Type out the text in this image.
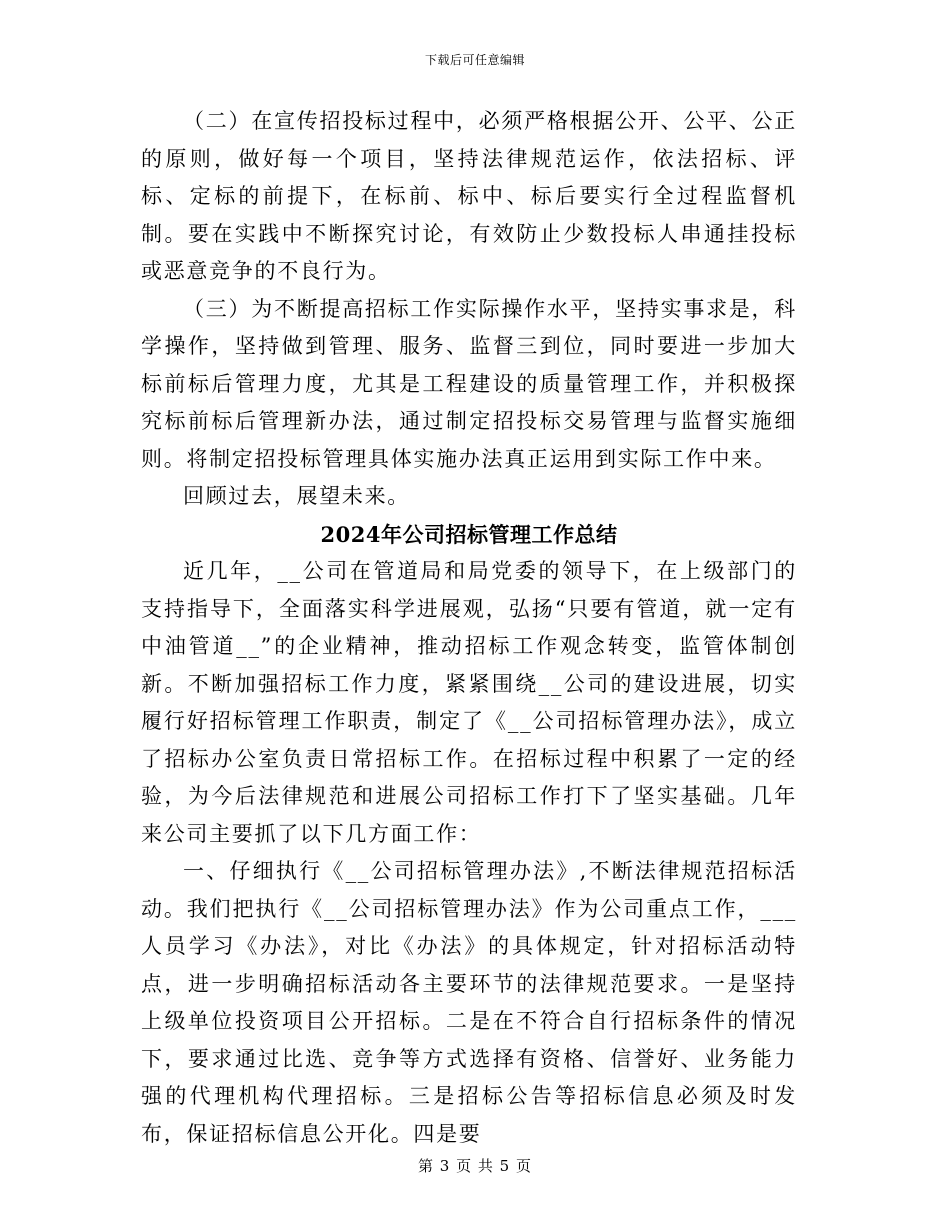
下载后可任意编辑

（二）在宣传招投标过程中，必须严格根据公开、公平、公正的原则，做好每一个项目，坚持法律规范运作，依法招标、评标、定标的前提下，在标前、标中、标后要实行全过程监督机制。要在实践中不断探究讨论，有效防止少数投标人串通挂投标或恶意竞争的不良行为。

（三）为不断提高招标工作实际操作水平，坚持实事求是，科学操作，坚持做到管理、服务、监督三到位，同时要进一步加大标前标后管理力度，尤其是工程建设的质量管理工作，并积极探究标前标后管理新办法，通过制定招投标交易管理与监督实施细则。将制定招投标管理具体实施办法真正运用到实际工作中来。

回顾过去，展望未来。

2024年公司招标管理工作总结

近几年，__公司在管道局和局党委的领导下，在上级部门的支持指导下，全面落实科学进展观，弘扬“只要有管道，就一定有中油管道__”的企业精神，推动招标工作观念转变，监管体制创新。不断加强招标工作力度，紧紧围绕__公司的建设进展，切实履行好招标管理工作职责，制定了《__公司招标管理办法》，成立了招标办公室负责日常招标工作。在招标过程中积累了一定的经验，为今后法律规范和进展公司招标工作打下了坚实基础。几年来公司主要抓了以下几方面工作：

一、仔细执行《__公司招标管理办法》,不断法律规范招标活动。我们把执行《__公司招标管理办法》作为公司重点工作，___人员学习《办法》，对比《办法》的具体规定，针对招标活动特点，进一步明确招标活动各主要环节的法律规范要求。一是坚持上级单位投资项目公开招标。二是在不符合自行招标条件的情况下，要求通过比选、竞争等方式选择有资格、信誉好、业务能力强的代理机构代理招标。三是招标公告等招标信息必须及时发布，保证招标信息公开化。四是要

第 3 页 共 5 页
